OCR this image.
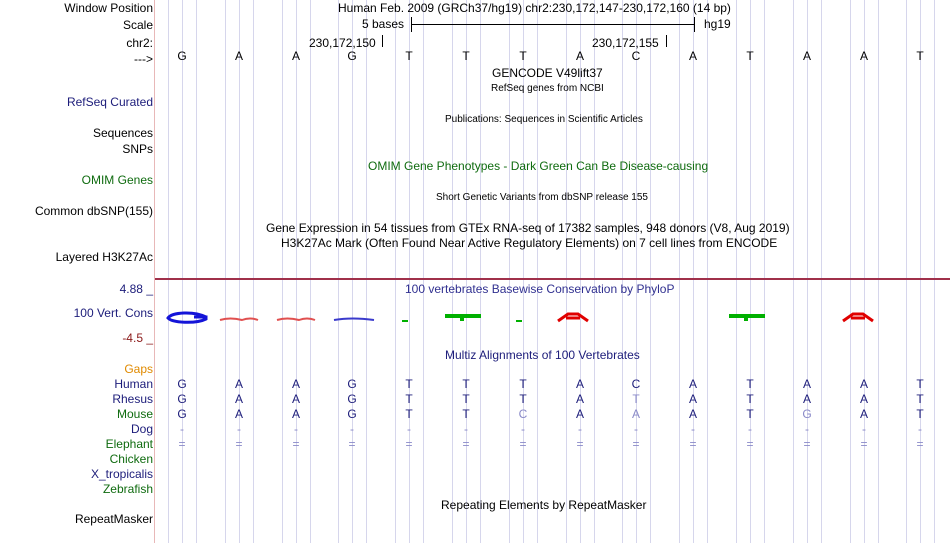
Window Position	Human Feb. 2009 (GRCh37/hg19) chr2:230,172,147-230,172,160 (14 bp)
Scale	5 bases	hg19
chr2:	230,172,150	230,172,155
--->	G	A	A	G	T	T	T	A	C	A	T	A	A	T
GENCODE V49lift37
RefSeq genes from NCBI
RefSeq Curated
Publications: Sequences in Scientific Articles
Sequences
SNPs
OMIM Gene Phenotypes - Dark Green Can Be Disease-causing
OMIM Genes
Short Genetic Variants from dbSNP release 155
Common dbSNP(155)
Gene Expression in 54 tissues from GTEx RNA-seq of 17382 samples, 948 donors (V8, Aug 2019)
H3K27Ac Mark (Often Found Near Active Regulatory Elements) on 7 cell lines from ENCODE
Layered H3K27Ac
4.88 _	100 vertebrates Basewise Conservation by PhyloP
100 Vert. Cons
-4.5 _
Multiz Alignments of 100 Vertebrates
Gaps
Human	G	A	A	G	T	T	T	A	C	A	T	A	A	T
Rhesus	G	A	A	G	T	T	T	A	T	A	T	A	A	T
Mouse	G	A	A	G	T	T	C	A	A	A	T	G	A	T
Dog	-	-	-	-	-	-	-	-	-	-	-	-	-	-
Elephant	=	=	=	=	=	=	=	=	=	=	=	=	=	=
Chicken
X_tropicalis
Zebrafish
Repeating Elements by RepeatMasker
RepeatMasker
